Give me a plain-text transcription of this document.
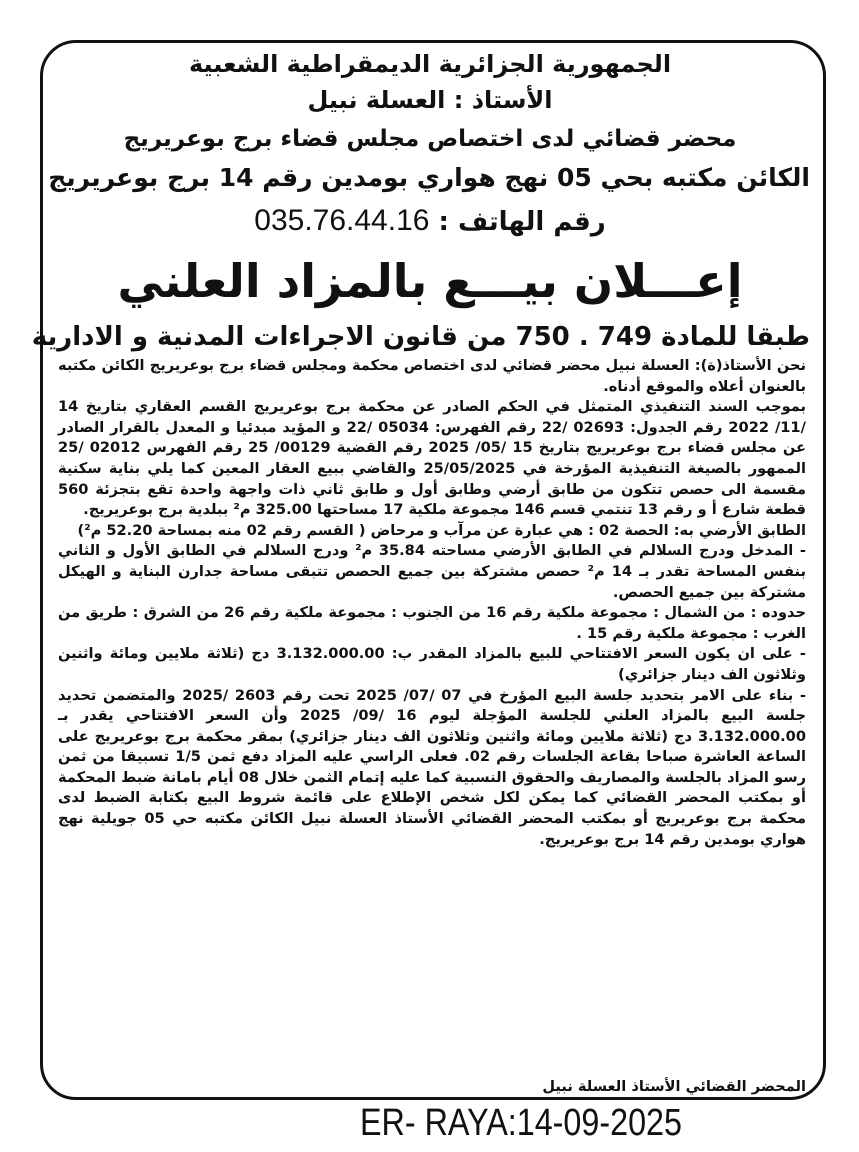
الجمهورية الجزائرية الديمقراطية الشعبية
الأستاذ : العسلة نبيل
محضر قضائي لدى اختصاص مجلس قضاء برج بوعريريج
الكائن مكتبه بحي 05 نهج هواري بومدين رقم 14 برج بوعريريج
رقم الهاتف : 035.76.44.16
إعـــلان بيـــع بالمزاد العلني
طبقا للمادة 749 . 750 من قانون الاجراءات المدنية و الادارية

نحن الأستاذ(ة): العسلة نبيل محضر قضائي لدى اختصاص محكمة ومجلس قضاء برج بوعريريج الكائن مكتبه بالعنوان أعلاه والموقع أدناه.

بموجب السند التنفيذي المتمثل في الحكم الصادر عن محكمة برج بوعريريج القسم العقاري بتاريخ 14 /11/ 2022 رقم الجدول: 02693 /22 رقم الفهرس: 05034 /22 و المؤيد مبدئيا و المعدل بالقرار الصادر عن مجلس قضاء برج بوعريريج بتاريخ 15 /05/ 2025 رقم القضية 00129/ 25 رقم الفهرس 02012 /25 الممهور بالصيغة التنفيذية المؤرخة في 25/05/2025 والقاضي ببيع العقار المعين كما يلي بناية سكنية مقسمة الى حصص تتكون من طابق أرضي وطابق أول و طابق ثاني ذات واجهة واحدة تقع بتجزئة 560 قطعة شارع أ و رقم 13 تنتمي قسم 146 مجموعة ملكية 17 مساحتها 325.00 م² ببلدية برج بوعريريج.

الطابق الأرضي به: الحصة 02 : هي عبارة عن مرآب و مرحاض ( القسم رقم 02 منه بمساحة 52.20 م²)

- المدخل ودرج السلالم في الطابق الأرضي مساحته 35.84 م² ودرج السلالم في الطابق الأول و الثاني بنفس المساحة تقدر بـ 14 م² حصص مشتركة بين جميع الحصص تتبقى مساحة جدارن البناية و الهيكل مشتركة بين جميع الحصص.

حدوده : من الشمال : مجموعة ملكية رقم 16 من الجنوب : مجموعة ملكية رقم 26 من الشرق : طريق من الغرب : مجموعة ملكية رقم 15 .

- على ان يكون السعر الافتتاحي للبيع بالمزاد المقدر ب: 3.132.000.00 دج (ثلاثة ملايين ومائة واثنين وثلاثون الف دينار جزائري)

- بناء على الامر بتحديد جلسة البيع المؤرخ في 07 /07/ 2025 تحت رقم 2603 /2025 والمتضمن تحديد جلسة البيع بالمزاد العلني للجلسة المؤجلة ليوم 16 /09/ 2025 وأن السعر الافتتاحي يقدر بـ 3.132.000.00 دج (ثلاثة ملايين ومائة واثنين وثلاثون الف دينار جزائري) بمقر محكمة برج بوعريريج على الساعة العاشرة صباحا بقاعة الجلسات رقم 02. فعلى الراسي عليه المزاد دفع ثمن 1/5 تسبيقا من ثمن رسو المزاد بالجلسة والمصاريف والحقوق النسبية كما عليه إتمام الثمن خلال 08 أيام بامانة ضبط المحكمة أو بمكتب المحضر القضائي كما يمكن لكل شخص الإطلاع على قائمة شروط البيع بكتابة الضبط لدى محكمة برج بوعريريج أو بمكتب المحضر القضائي الأستاذ العسلة نبيل الكائن مكتبه حي 05 جويلية نهج هواري بومدين رقم 14 برج بوعريريج.

المحضر القضائي الأستاذ العسلة نبيل
ER- RAYA:14-09-2025
